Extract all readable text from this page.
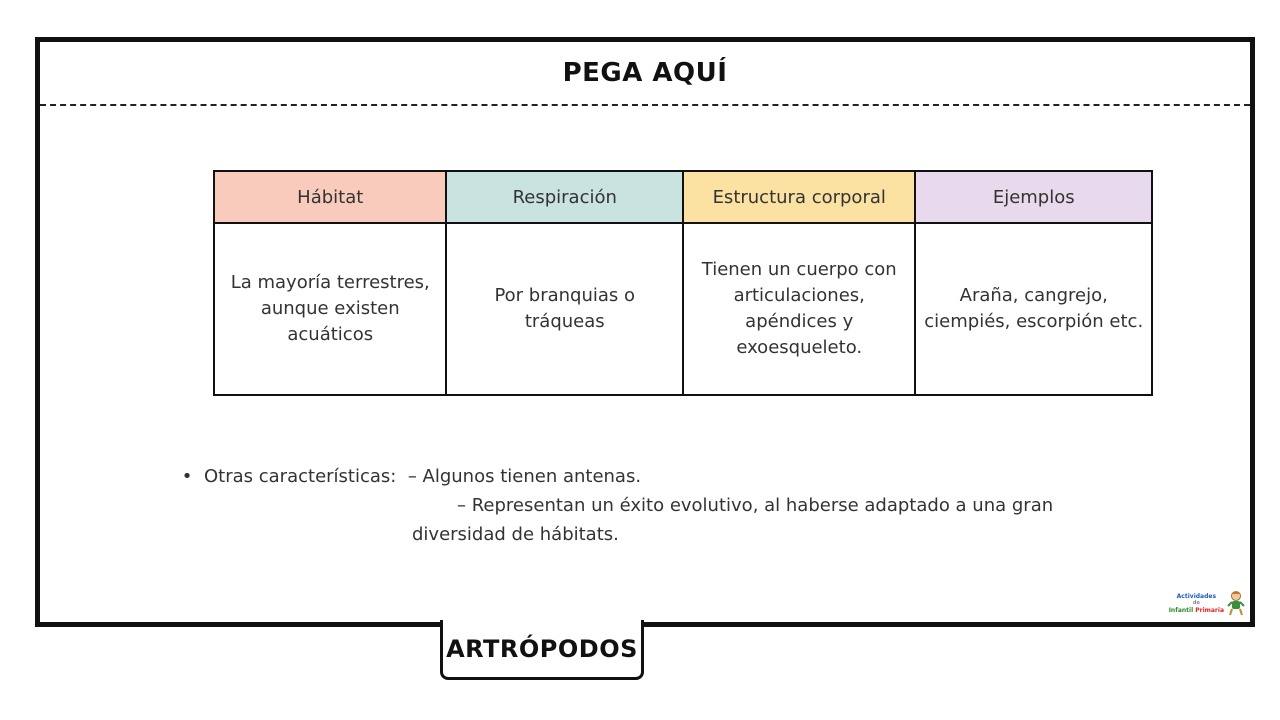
PEGA AQUÍ
Hábitat	Respiración	Estructura corporal	Ejemplos
La mayoría terrestres, aunque existen acuáticos	Por branquias o tráqueas	Tienen un cuerpo con articulaciones, apéndices y exoesqueleto.	Araña, cangrejo, ciempiés, escorpión etc.
• Otras características: – Algunos tienen antenas.
– Representan un éxito evolutivo, al haberse adaptado a una gran
diversidad de hábitats.
Actividades
de
Infantil Primaria
ARTRÓPODOS
